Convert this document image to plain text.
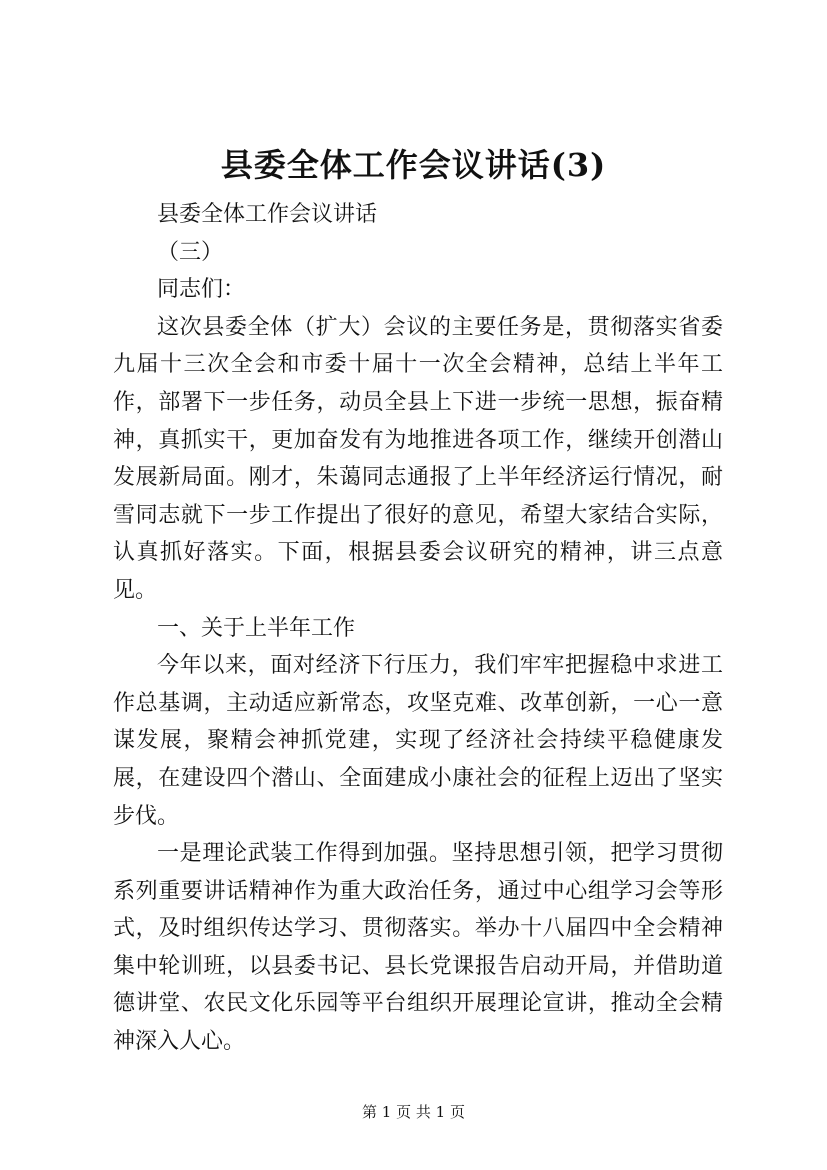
县委全体工作会议讲话(3)

县委全体工作会议讲话

（三）

同志们：

这次县委全体（扩大）会议的主要任务是，贯彻落实省委九届十三次全会和市委十届十一次全会精神，总结上半年工作，部署下一步任务，动员全县上下进一步统一思想，振奋精神，真抓实干，更加奋发有为地推进各项工作，继续开创潜山发展新局面。刚才，朱蔼同志通报了上半年经济运行情况，耐雪同志就下一步工作提出了很好的意见，希望大家结合实际，认真抓好落实。下面，根据县委会议研究的精神，讲三点意见。

一、关于上半年工作

今年以来，面对经济下行压力，我们牢牢把握稳中求进工作总基调，主动适应新常态，攻坚克难、改革创新，一心一意谋发展，聚精会神抓党建，实现了经济社会持续平稳健康发展，在建设四个潜山、全面建成小康社会的征程上迈出了坚实步伐。

一是理论武装工作得到加强。坚持思想引领，把学习贯彻系列重要讲话精神作为重大政治任务，通过中心组学习会等形式，及时组织传达学习、贯彻落实。举办十八届四中全会精神集中轮训班，以县委书记、县长党课报告启动开局，并借助道德讲堂、农民文化乐园等平台组织开展理论宣讲，推动全会精神深入人心。

第 1 页 共 1 页
